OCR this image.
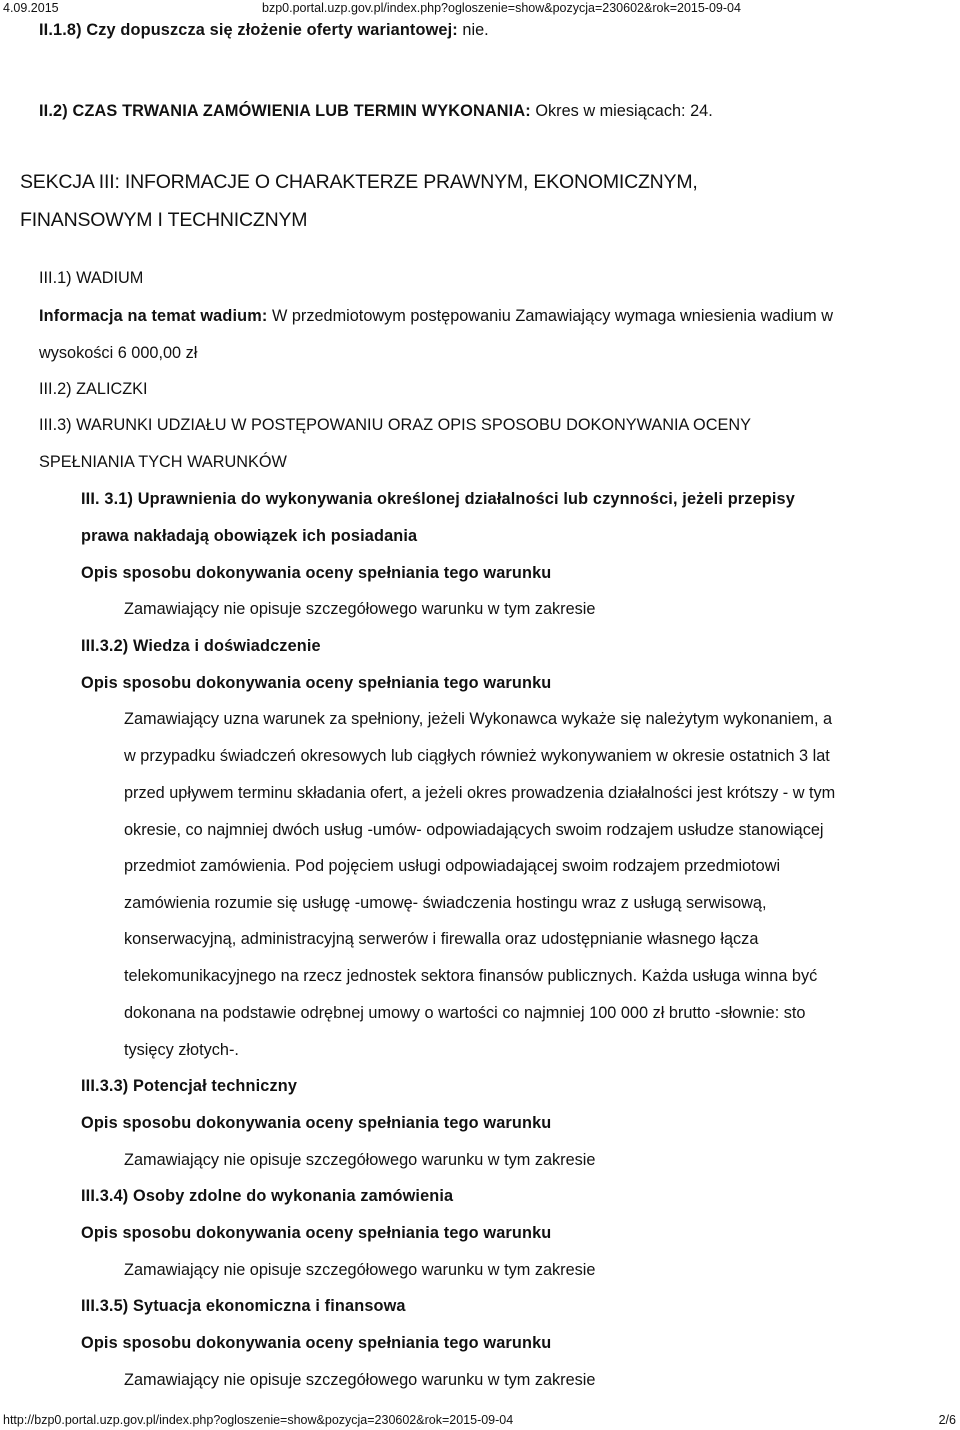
4.09.2015	bzp0.portal.uzp.gov.pl/index.php?ogloszenie=show&pozycja=230602&rok=2015-09-04
II.1.8) Czy dopuszcza się złożenie oferty wariantowej: nie.
II.2) CZAS TRWANIA ZAMÓWIENIA LUB TERMIN WYKONANIA: Okres w miesiącach: 24.
SEKCJA III: INFORMACJE O CHARAKTERZE PRAWNYM, EKONOMICZNYM,
FINANSOWYM I TECHNICZNYM
III.1) WADIUM
Informacja na temat wadium: W przedmiotowym postępowaniu Zamawiający wymaga wniesienia wadium w
wysokości 6 000,00 zł
III.2) ZALICZKI
III.3) WARUNKI UDZIAŁU W POSTĘPOWANIU ORAZ OPIS SPOSOBU DOKONYWANIA OCENY
SPEŁNIANIA TYCH WARUNKÓW
III. 3.1) Uprawnienia do wykonywania określonej działalności lub czynności, jeżeli przepisy
prawa nakładają obowiązek ich posiadania
Opis sposobu dokonywania oceny spełniania tego warunku
Zamawiający nie opisuje szczegółowego warunku w tym zakresie
III.3.2) Wiedza i doświadczenie
Opis sposobu dokonywania oceny spełniania tego warunku
Zamawiający uzna warunek za spełniony, jeżeli Wykonawca wykaże się należytym wykonaniem, a
w przypadku świadczeń okresowych lub ciągłych również wykonywaniem w okresie ostatnich 3 lat
przed upływem terminu składania ofert, a jeżeli okres prowadzenia działalności jest krótszy - w tym
okresie, co najmniej dwóch usług -umów- odpowiadających swoim rodzajem usłudze stanowiącej
przedmiot zamówienia. Pod pojęciem usługi odpowiadającej swoim rodzajem przedmiotowi
zamówienia rozumie się usługę -umowę- świadczenia hostingu wraz z usługą serwisową,
konserwacyjną, administracyjną serwerów i firewalla oraz udostępnianie własnego łącza
telekomunikacyjnego na rzecz jednostek sektora finansów publicznych. Każda usługa winna być
dokonana na podstawie odrębnej umowy o wartości co najmniej 100 000 zł brutto -słownie: sto
tysięcy złotych-.
III.3.3) Potencjał techniczny
Opis sposobu dokonywania oceny spełniania tego warunku
Zamawiający nie opisuje szczegółowego warunku w tym zakresie
III.3.4) Osoby zdolne do wykonania zamówienia
Opis sposobu dokonywania oceny spełniania tego warunku
Zamawiający nie opisuje szczegółowego warunku w tym zakresie
III.3.5) Sytuacja ekonomiczna i finansowa
Opis sposobu dokonywania oceny spełniania tego warunku
Zamawiający nie opisuje szczegółowego warunku w tym zakresie
http://bzp0.portal.uzp.gov.pl/index.php?ogloszenie=show&pozycja=230602&rok=2015-09-04	2/6
